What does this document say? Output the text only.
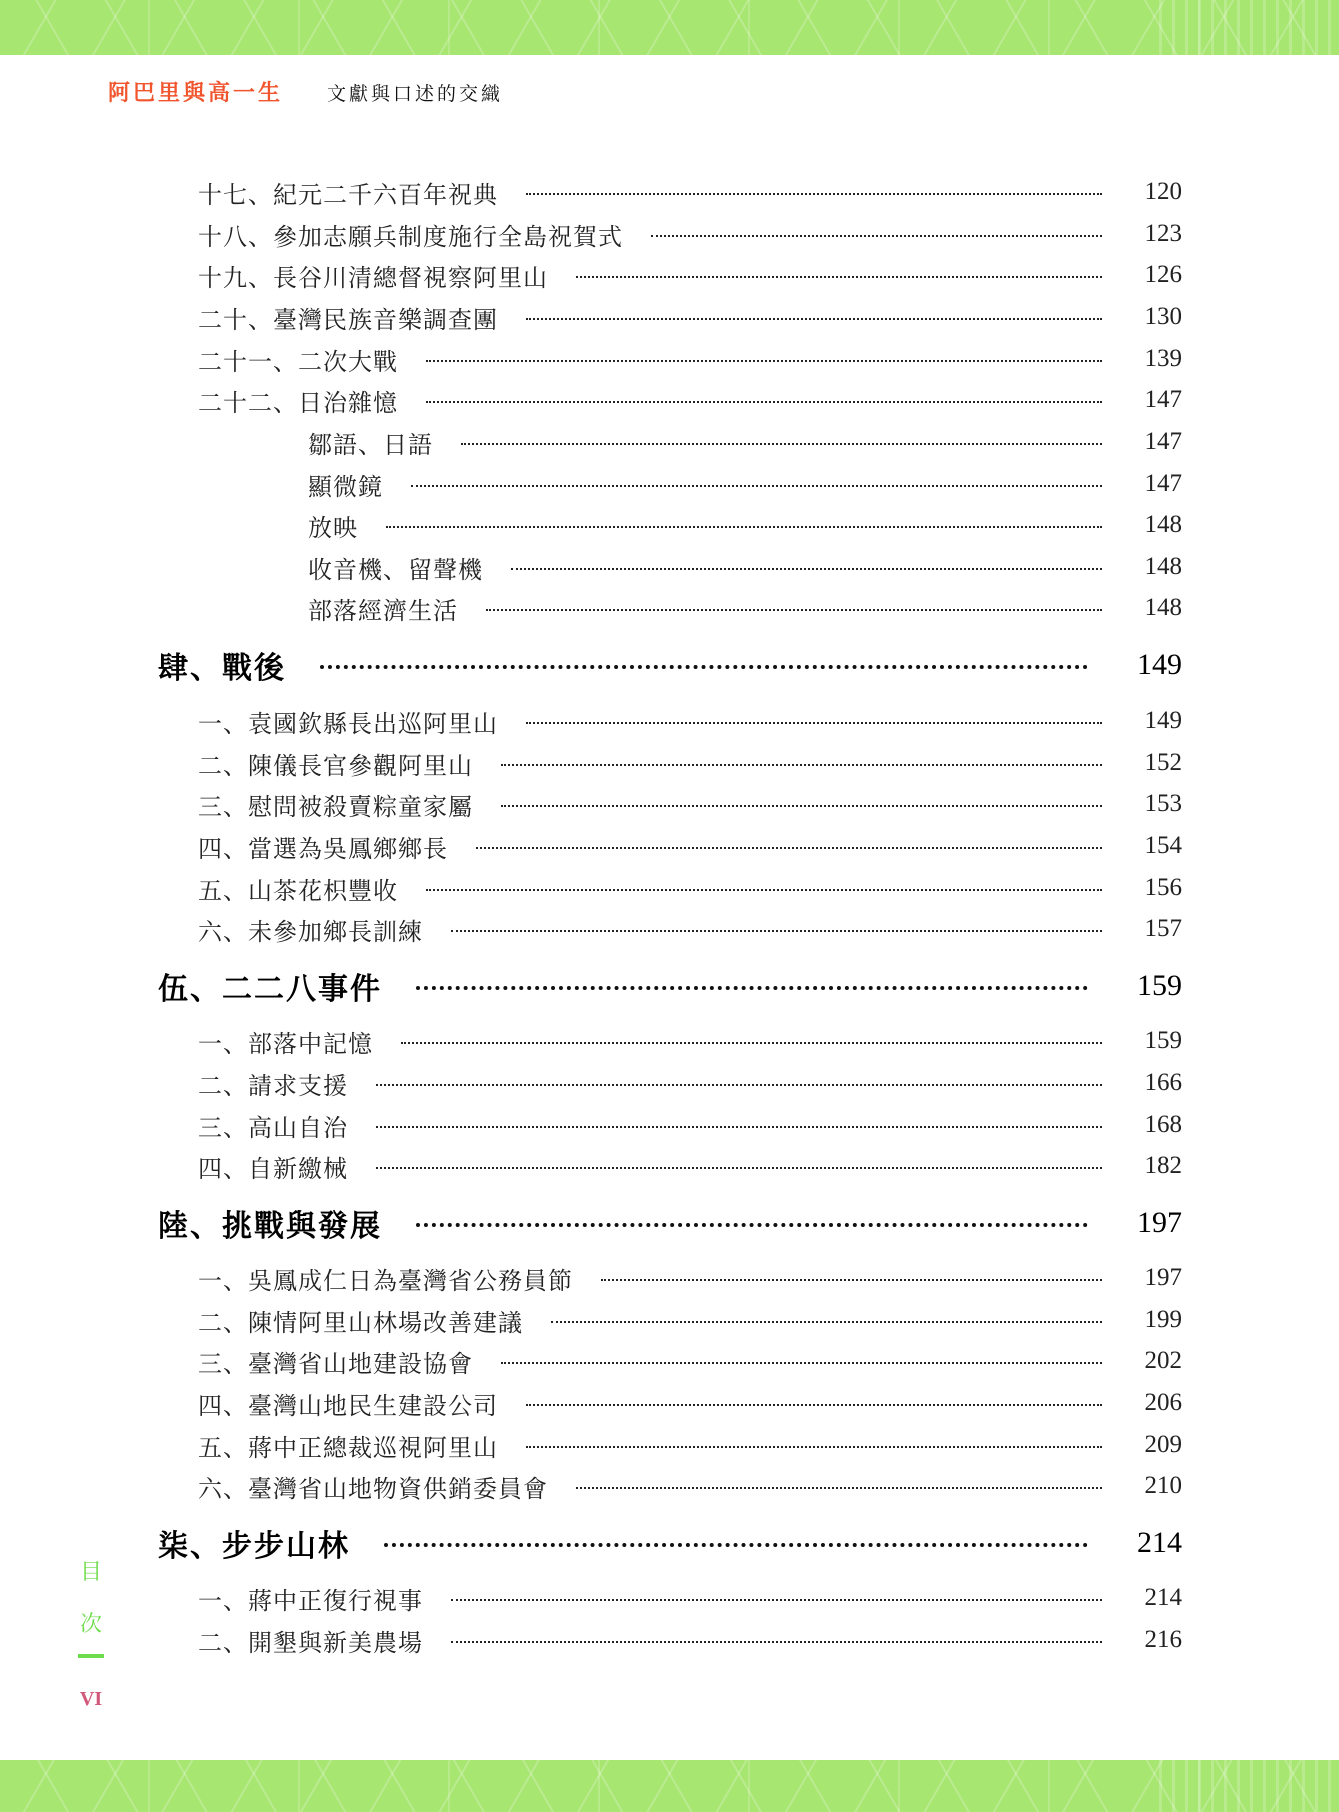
阿巴里與高一生 文獻與口述的交織
十七、紀元二千六百年祝典	120
十八、參加志願兵制度施行全島祝賀式	123
十九、長谷川清總督視察阿里山	126
二十、臺灣民族音樂調查團	130
二十一、二次大戰	139
二十二、日治雜憶	147
鄒語、日語	147
顯微鏡	147
放映	148
收音機、留聲機	148
部落經濟生活	148
肆、戰後	149
一、袁國欽縣長出巡阿里山	149
二、陳儀長官參觀阿里山	152
三、慰問被殺賣粽童家屬	153
四、當選為吳鳳鄉鄉長	154
五、山茶花枳豐收	156
六、未參加鄉長訓練	157
伍、二二八事件	159
一、部落中記憶	159
二、請求支援	166
三、高山自治	168
四、自新繳械	182
陸、挑戰與發展	197
一、吳鳳成仁日為臺灣省公務員節	197
二、陳情阿里山林場改善建議	199
三、臺灣省山地建設協會	202
四、臺灣山地民生建設公司	206
五、蔣中正總裁巡視阿里山	209
六、臺灣省山地物資供銷委員會	210
柒、步步山林	214
一、蔣中正復行視事	214
二、開墾與新美農場	216
目
次
VI
